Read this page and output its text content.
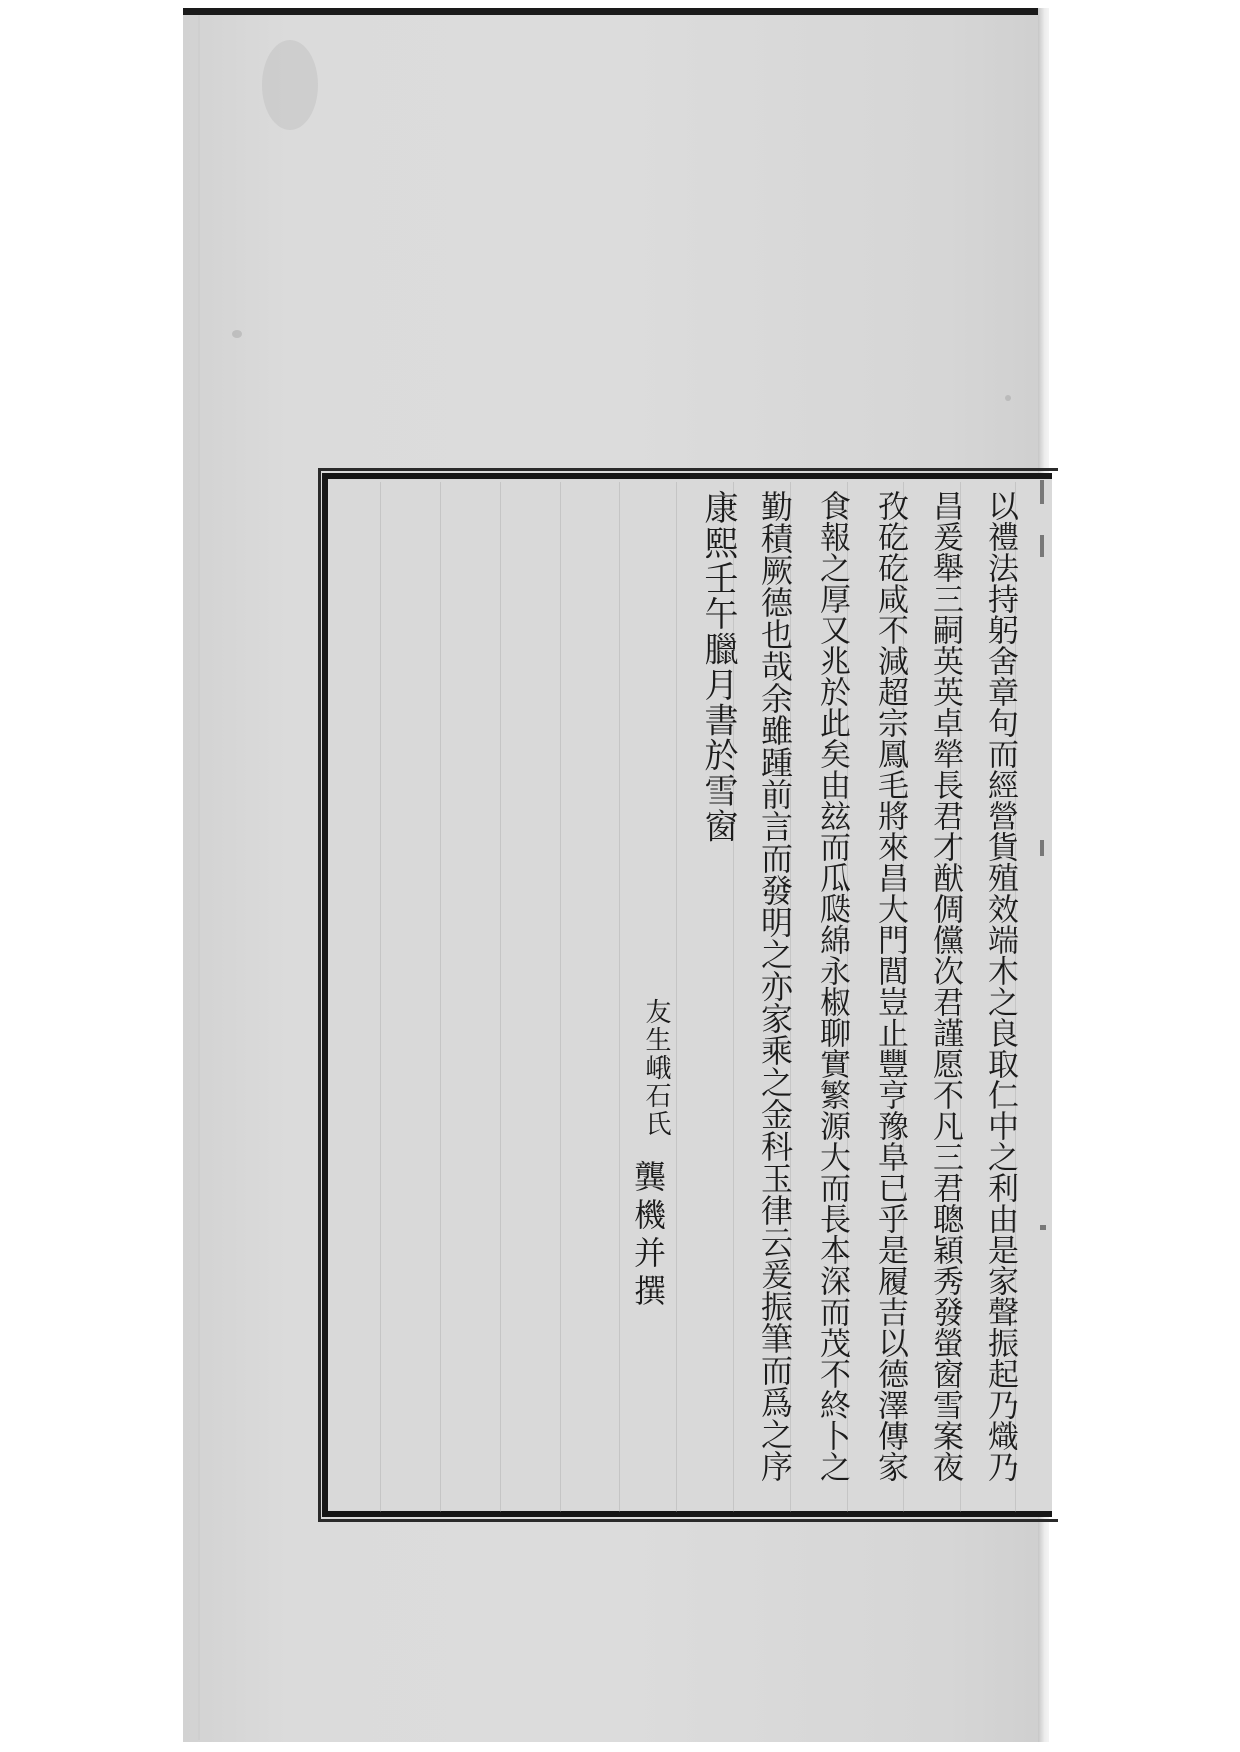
以禮法持躬舍章句而經營貨殖效端木之良取仁中之利由是家聲振起乃熾乃
昌爰舉三嗣英英卓犖長君才猷倜儻次君謹愿不凡三君聰穎秀發螢窗雪案夜
孜矻矻咸不減超宗鳳毛將來昌大門閭豈止豐亨豫阜已乎是履吉以德澤傳家
食報之厚又兆於此矣由玆而瓜瓞綿永椒聊實繁源大而長本深而茂不終卜之
勤積厥德也哉余雖踵前言而發明之亦家乘之金科玉律云爰振筆而爲之序
康熙壬午臘月書於雪窗
友生峨石氏
龔機并撰
